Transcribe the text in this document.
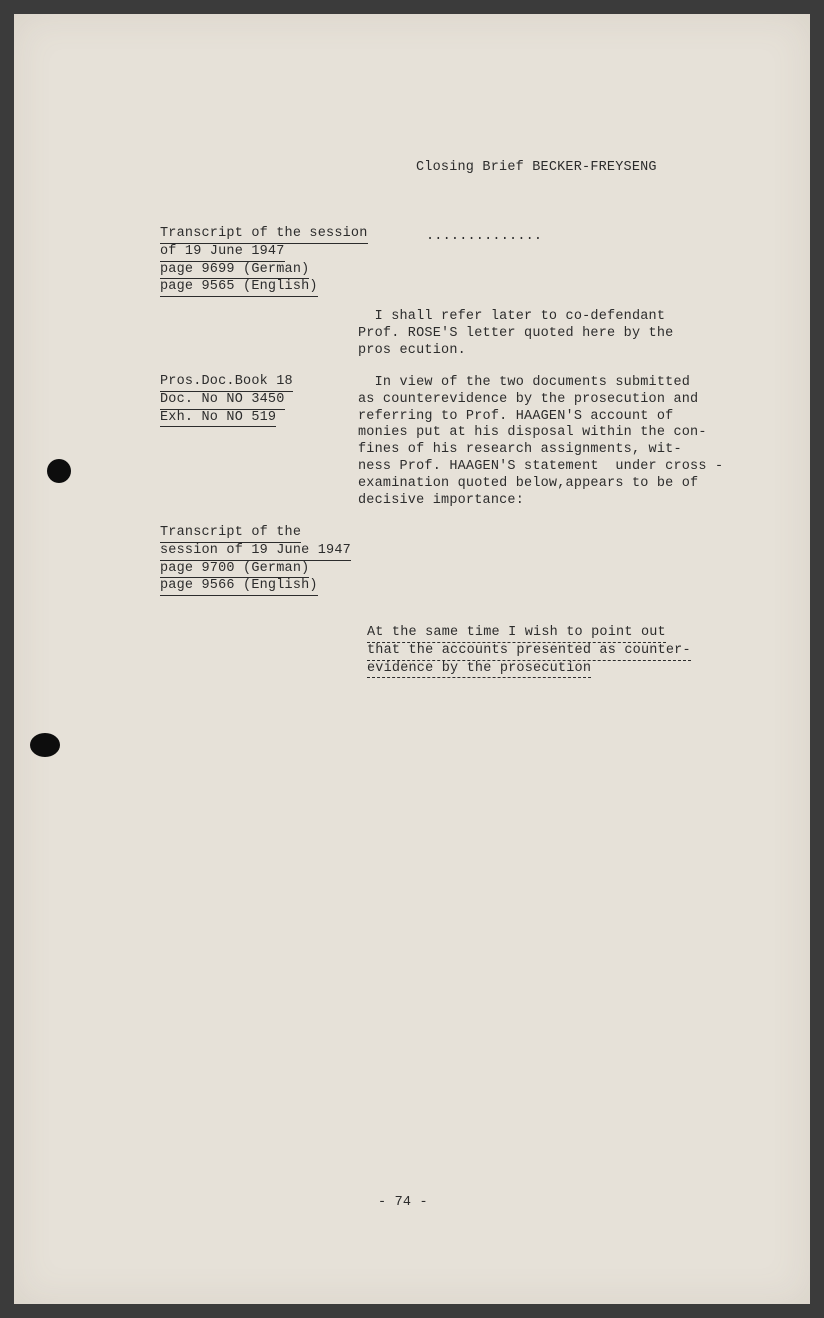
Closing Brief BECKER-FREYSENG
Transcript of the session
of 19 June 1947
page 9699 (German)
page 9565 (English)
..............
I shall refer later to co-defendant
Prof. ROSE'S letter quoted here by the
pros ecution.
Pros.Doc.Book 18
Doc. No NO 3450
Exh. No NO 519
In view of the two documents submitted
as counterevidence by the prosecution and
referring to Prof. HAAGEN'S account of
monies put at his disposal within the con-
fines of his research assignments, wit-
ness Prof. HAAGEN'S statement  under cross -
examination quoted below,appears to be of
decisive importance:
Transcript of the
session of 19 June 1947
page 9700 (German)
page 9566 (English)
At the same time I wish to point out
that the accounts presented as counter-
evidence by the prosecution
- 74 -
